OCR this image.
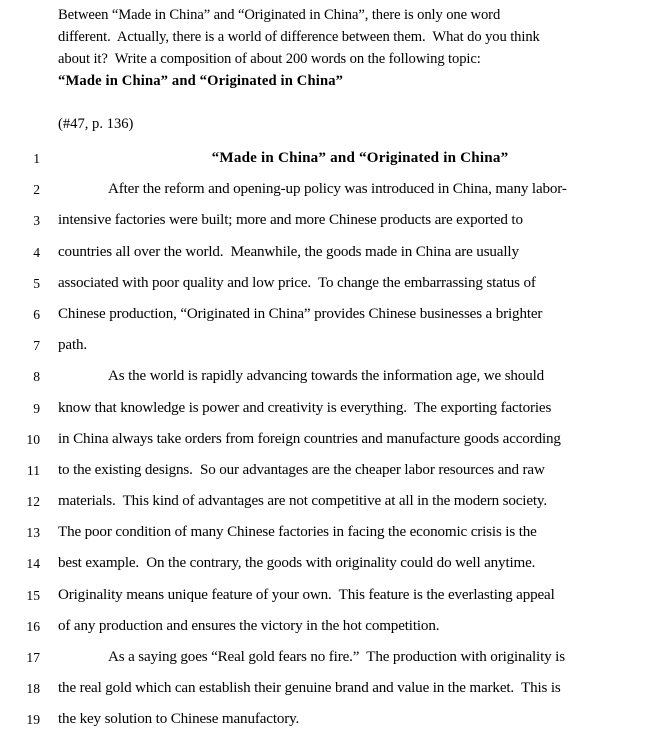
Between “Made in China” and “Originated in China”, there is only one word
different.  Actually, there is a world of difference between them.  What do you think
about it?  Write a composition of about 200 words on the following topic:
“Made in China” and “Originated in China”
(#47, p. 136)
1	“Made in China” and “Originated in China”
2	After the reform and opening-up policy was introduced in China, many labor-
3 intensive factories were built; more and more Chinese products are exported to
4 countries all over the world.  Meanwhile, the goods made in China are usually
5 associated with poor quality and low price.  To change the embarrassing status of
6 Chinese production, “Originated in China” provides Chinese businesses a brighter
7 path.
8	As the world is rapidly advancing towards the information age, we should
9 know that knowledge is power and creativity is everything.  The exporting factories
10 in China always take orders from foreign countries and manufacture goods according
11 to the existing designs.  So our advantages are the cheaper labor resources and raw
12 materials.  This kind of advantages are not competitive at all in the modern society.
13 The poor condition of many Chinese factories in facing the economic crisis is the
14 best example.  On the contrary, the goods with originality could do well anytime.
15 Originality means unique feature of your own.  This feature is the everlasting appeal
16 of any production and ensures the victory in the hot competition.
17	As a saying goes “Real gold fears no fire.”  The production with originality is
18 the real gold which can establish their genuine brand and value in the market.  This is
19 the key solution to Chinese manufactory.
